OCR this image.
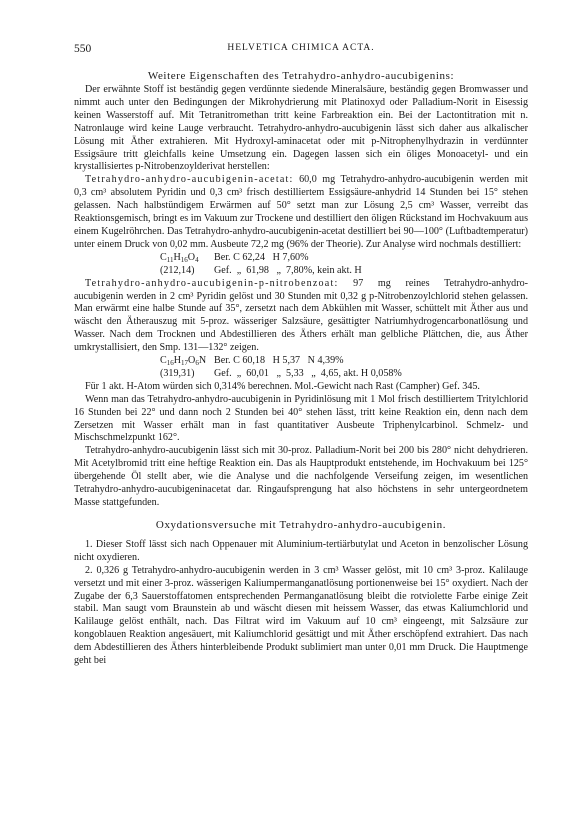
550	HELVETICA CHIMICA ACTA.
Weitere Eigenschaften des Tetrahydro-anhydro-aucubigenins:

Der erwähnte Stoff ist beständig gegen verdünnte siedende Mineralsäure, beständig gegen Bromwasser und nimmt auch unter den Bedingungen der Mikrohydrierung mit Platinoxyd oder Palladium-Norit in Eisessig keinen Wasserstoff auf. Mit Tetranitromethan tritt keine Farbreaktion ein. Bei der Lactontitration mit n. Natronlauge wird keine Lauge verbraucht. Tetrahydro-anhydro-aucubigenin lässt sich daher aus alkalischer Lösung mit Äther extrahieren. Mit Hydroxyl-aminacetat oder mit p-Nitrophenylhydrazin in verdünnter Essigsäure tritt gleichfalls keine Umsetzung ein. Dagegen lassen sich ein öliges Monoacetyl- und ein krystallisiertes p-Nitrobenzoylderivat herstellen:

Tetrahydro-anhydro-aucubigenin-acetat: 60,0 mg Tetrahydro-anhydro-aucubigenin werden mit 0,3 cm³ absolutem Pyridin und 0,3 cm³ frisch destilliertem Essigsäure-anhydrid 14 Stunden bei 15° stehen gelassen. Nach halbstündigem Erwärmen auf 50° setzt man zur Lösung 2,5 cm³ Wasser, verreibt das Reaktionsgemisch, bringt es im Vakuum zur Trockene und destilliert den öligen Rückstand im Hochvakuum aus einem Kugelröhrchen. Das Tetrahydro-anhydro-aucubigenin-acetat destilliert bei 90—100° (Luftbadtemperatur) unter einem Druck von 0,02 mm. Ausbeute 72,2 mg (96% der Theorie). Zur Analyse wird nochmals destilliert:

$C_{11}H_{16}O_4$	Ber. C 62,24   H 7,60%
(212,14)	Gef.  „  61,98   „  7,80%, kein akt. H

Tetrahydro-anhydro-aucubigenin-p-nitrobenzoat: 97 mg reines Tetrahydro-anhydro-aucubigenin werden in 2 cm³ Pyridin gelöst und 30 Stunden mit 0,32 g p-Nitrobenzoylchlorid stehen gelassen. Man erwärmt eine halbe Stunde auf 35°, zersetzt nach dem Abkühlen mit Wasser, schüttelt mit Äther aus und wäscht den Ätherauszug mit 5-proz. wässeriger Salzsäure, gesättigter Natriumhydrogencarbonatlösung und Wasser. Nach dem Trocknen und Abdestillieren des Äthers erhält man gelbliche Plättchen, die, aus Äther umkrystallisiert, den Smp. 131—132° zeigen.

$C_{16}H_{17}O_6N$ Ber. C 60,18   H 5,37   N 4,39%
(319,31)	Gef.  „  60,01   „  5,33   „  4,65, akt. H 0,058%

Für 1 akt. H-Atom würden sich 0,314% berechnen. Mol.-Gewicht nach Rast (Campher) Gef. 345.

Wenn man das Tetrahydro-anhydro-aucubigenin in Pyridinlösung mit 1 Mol frisch destilliertem Tritylchlorid 16 Stunden bei 22° und dann noch 2 Stunden bei 40° stehen lässt, tritt keine Reaktion ein, denn nach dem Zersetzen mit Wasser erhält man in fast quantitativer Ausbeute Triphenylcarbinol. Schmelz- und Mischschmelzpunkt 162°.

Tetrahydro-anhydro-aucubigenin lässt sich mit 30-proz. Palladium-Norit bei 200 bis 280° nicht dehydrieren. Mit Acetylbromid tritt eine heftige Reaktion ein. Das als Hauptprodukt entstehende, im Hochvakuum bei 125° übergehende Öl stellt aber, wie die Analyse und die nachfolgende Verseifung zeigen, im wesentlichen Tetrahydro-anhydro-aucubigeninacetat dar. Ringaufsprengung hat also höchstens in sehr untergeordnetem Masse stattgefunden.

Oxydationsversuche mit Tetrahydro-anhydro-aucubigenin.

1. Dieser Stoff lässt sich nach Oppenauer mit Aluminium-tertiärbutylat und Aceton in benzolischer Lösung nicht oxydieren.

2. 0,326 g Tetrahydro-anhydro-aucubigenin werden in 3 cm³ Wasser gelöst, mit 10 cm³ 3-proz. Kalilauge versetzt und mit einer 3-proz. wässerigen Kaliumpermanganatlösung portionenweise bei 15° oxydiert. Nach der Zugabe der 6,3 Sauerstoffatomen entsprechenden Permanganatlösung bleibt die rotviolette Farbe einige Zeit stabil. Man saugt vom Braunstein ab und wäscht diesen mit heissem Wasser, das etwas Kaliumchlorid und Kalilauge gelöst enthält, nach. Das Filtrat wird im Vakuum auf 10 cm³ eingeengt, mit Salzsäure zur kongoblauen Reaktion angesäuert, mit Kaliumchlorid gesättigt und mit Äther erschöpfend extrahiert. Das nach dem Abdestillieren des Äthers hinterbleibende Produkt sublimiert man unter 0,01 mm Druck. Die Hauptmenge geht bei
